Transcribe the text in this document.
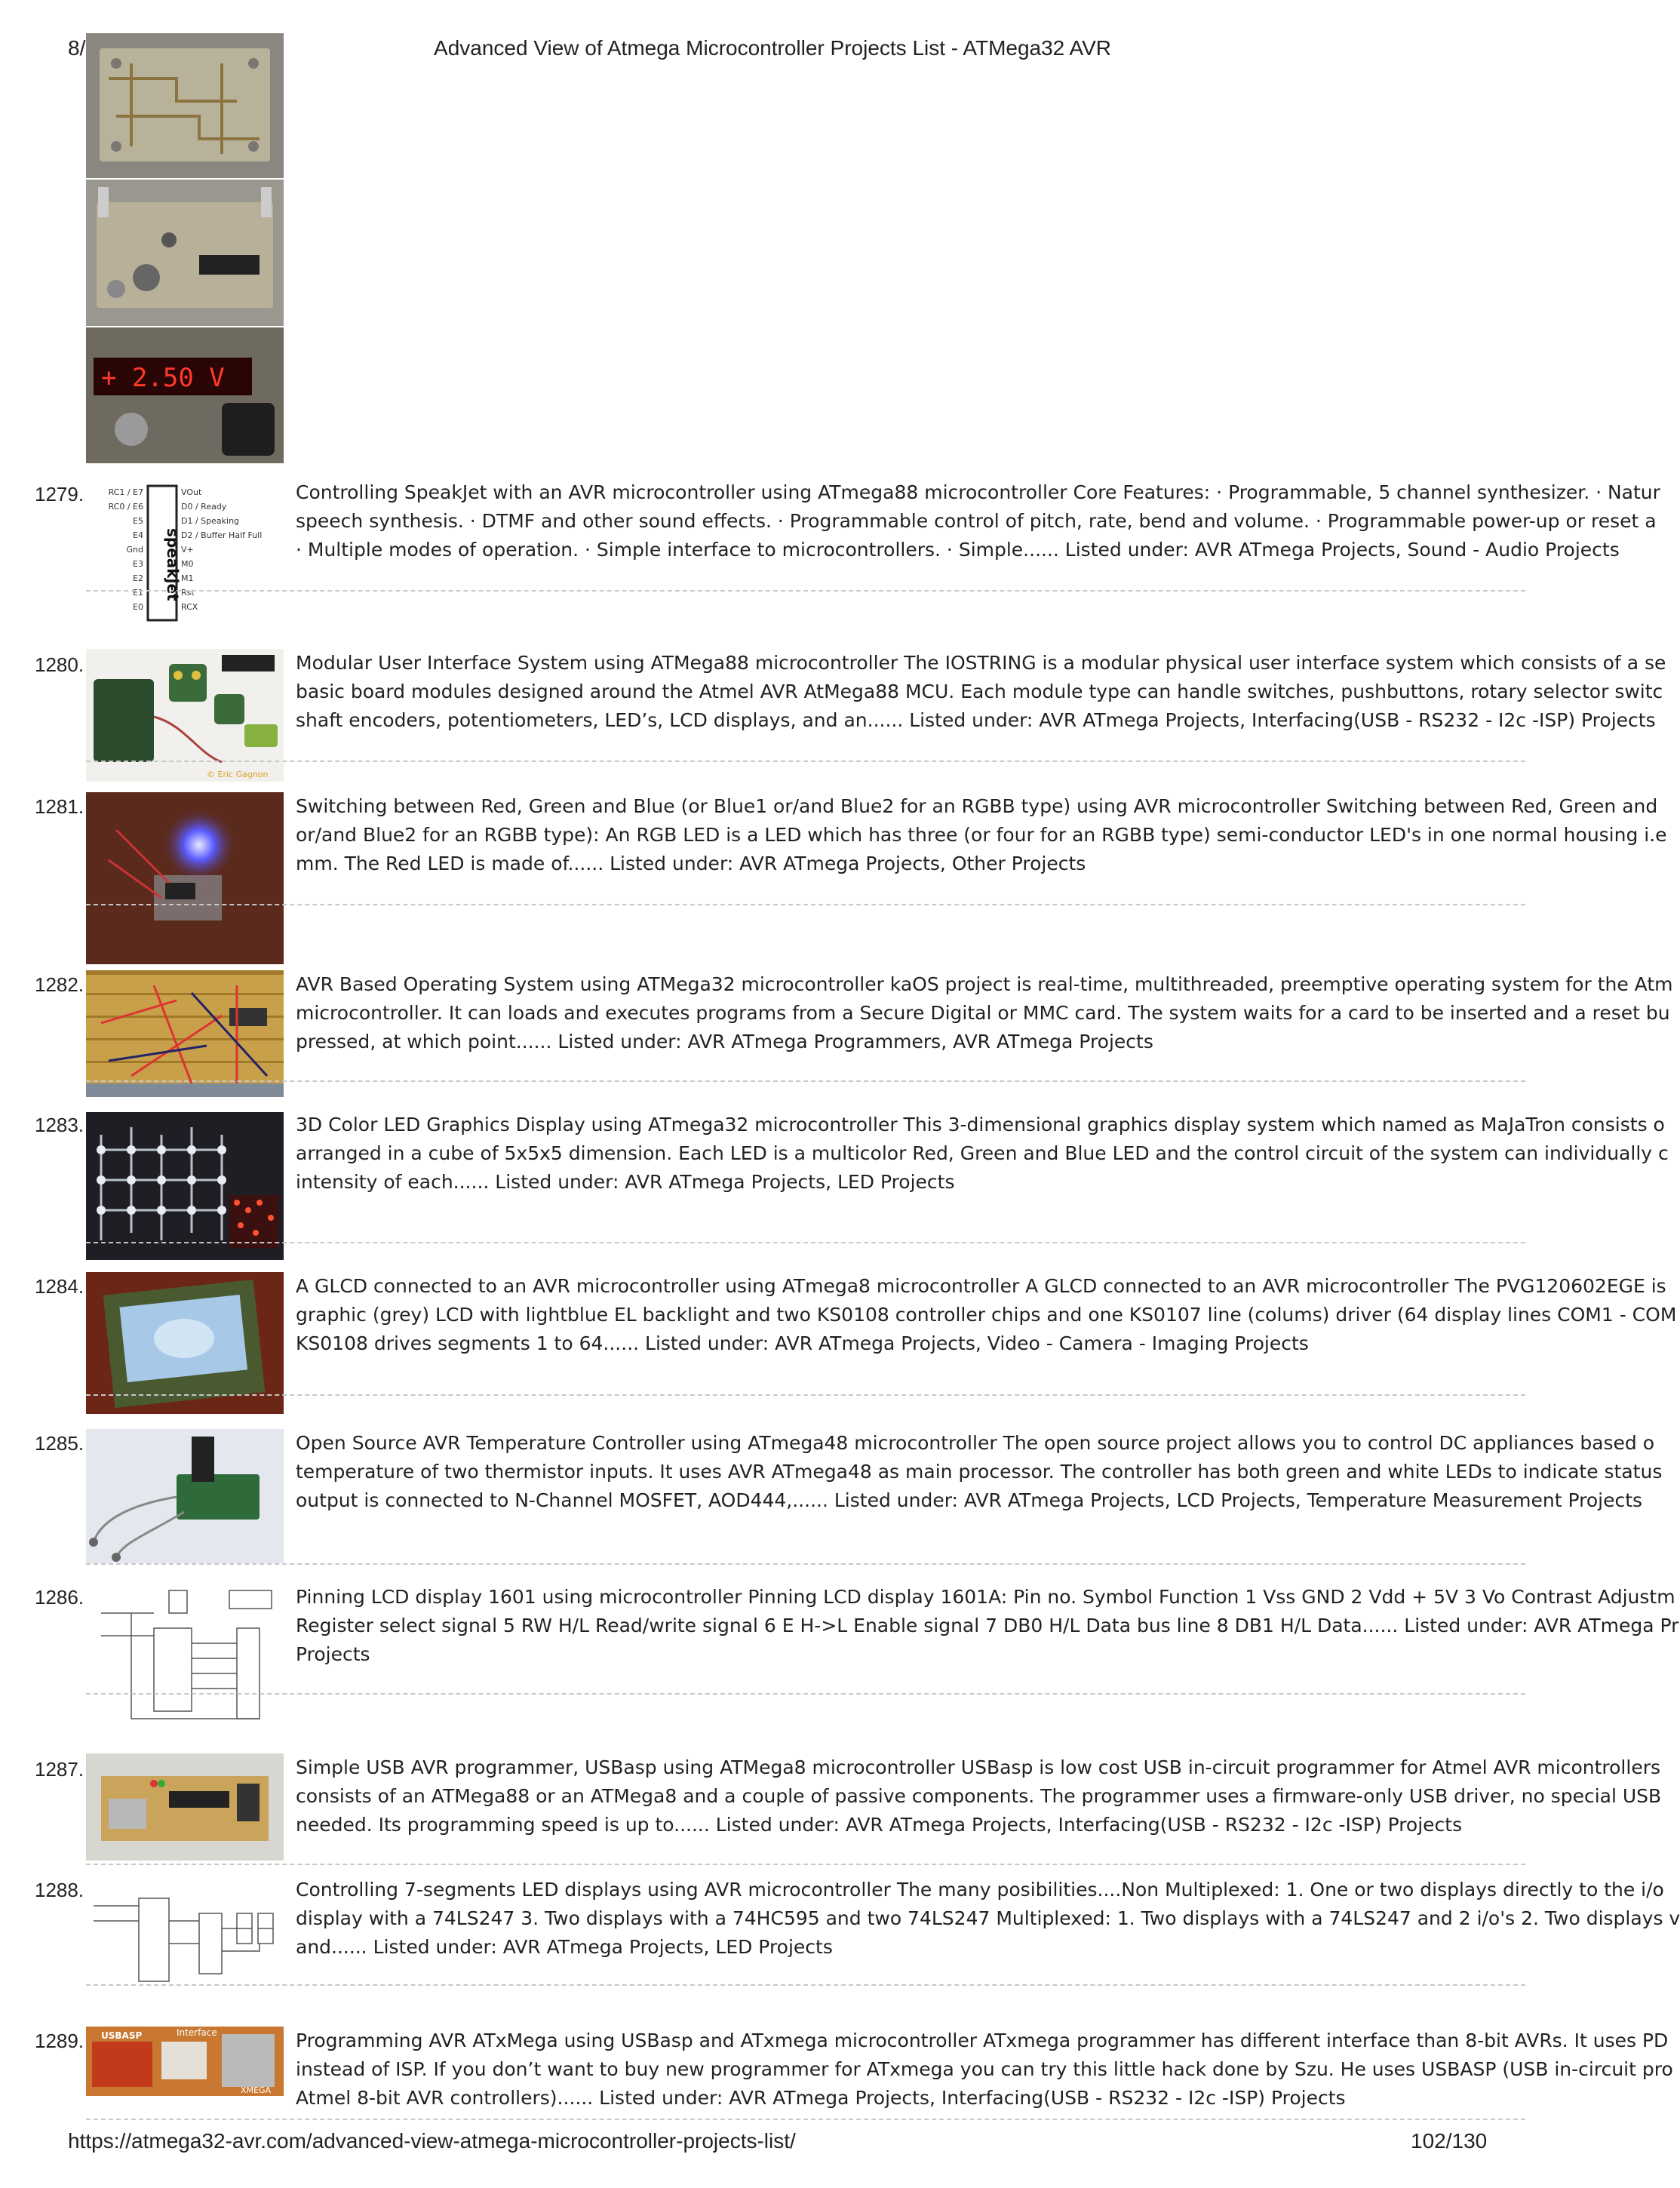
8/	Advanced View of Atmega Microcontroller Projects List - ATMega32 AVR
+ 2.50 V
1279.
speakjet
RC1 / E7
RC0 / E6
E5
E4
Gnd
E3
E2
E1
E0
VOut
D0 / Ready
D1 / Speaking
D2 / Buffer Half Full
V+
M0
M1
Rst
RCX
Controlling SpeakJet with an AVR microcontroller using ATmega88 microcontroller Core Features: · Programmable, 5 channel synthesizer. · Natur
speech synthesis. · DTMF and other sound effects. · Programmable control of pitch, rate, bend and volume. · Programmable power-up or reset a
· Multiple modes of operation. · Simple interface to microcontrollers. · Simple...... Listed under: AVR ATmega Projects, Sound - Audio Projects
1280.
© Eric Gagnon
Modular User Interface System using ATMega88 microcontroller The IOSTRING is a modular physical user interface system which consists of a se
basic board modules designed around the Atmel AVR AtMega88 MCU. Each module type can handle switches, pushbuttons, rotary selector switc
shaft encoders, potentiometers, LED’s, LCD displays, and an...... Listed under: AVR ATmega Projects, Interfacing(USB - RS232 - I2c -ISP) Projects
1281.	Switching between Red, Green and Blue (or Blue1 or/and Blue2 for an RGBB type) using AVR microcontroller Switching between Red, Green and
or/and Blue2 for an RGBB type): An RGB LED is a LED which has three (or four for an RGBB type) semi-conductor LED's in one normal housing i.e
mm. The Red LED is made of...... Listed under: AVR ATmega Projects, Other Projects
1282.	AVR Based Operating System using ATMega32 microcontroller kaOS project is real-time, multithreaded, preemptive operating system for the Atm
microcontroller. It can loads and executes programs from a Secure Digital or MMC card. The system waits for a card to be inserted and a reset bu
pressed, at which point...... Listed under: AVR ATmega Programmers, AVR ATmega Projects
1283.	3D Color LED Graphics Display using ATmega32 microcontroller This 3-dimensional graphics display system which named as MaJaTron consists o
arranged in a cube of 5x5x5 dimension. Each LED is a multicolor Red, Green and Blue LED and the control circuit of the system can individually c
intensity of each...... Listed under: AVR ATmega Projects, LED Projects
1284.	A GLCD connected to an AVR microcontroller using ATmega8 microcontroller A GLCD connected to an AVR microcontroller The PVG120602EGE is
graphic (grey) LCD with lightblue EL backlight and two KS0108 controller chips and one KS0107 line (colums) driver (64 display lines COM1 - COM
KS0108 drives segments 1 to 64...... Listed under: AVR ATmega Projects, Video - Camera - Imaging Projects
1285.	Open Source AVR Temperature Controller using ATmega48 microcontroller The open source project allows you to control DC appliances based o
temperature of two thermistor inputs. It uses AVR ATmega48 as main processor. The controller has both green and white LEDs to indicate status
output is connected to N-Channel MOSFET, AOD444,...... Listed under: AVR ATmega Projects, LCD Projects, Temperature Measurement Projects
1286.	Pinning LCD display 1601 using microcontroller Pinning LCD display 1601A: Pin no. Symbol Function 1 Vss GND 2 Vdd + 5V 3 Vo Contrast Adjustm
Register select signal 5 RW H/L Read/write signal 6 E H->L Enable signal 7 DB0 H/L Data bus line 8 DB1 H/L Data...... Listed under: AVR ATmega Pr
Projects
1287.	Simple USB AVR programmer, USBasp using ATMega8 microcontroller USBasp is low cost USB in-circuit programmer for Atmel AVR micontrollers
consists of an ATMega88 or an ATMega8 and a couple of passive components. The programmer uses a firmware-only USB driver, no special USB
needed. Its programming speed is up to...... Listed under: AVR ATmega Projects, Interfacing(USB - RS232 - I2c -ISP) Projects
1288.	Controlling 7-segments LED displays using AVR microcontroller The many posibilities....Non Multiplexed: 1. One or two displays directly to the i/o
display with a 74LS247 3. Two displays with a 74HC595 and two 74LS247 Multiplexed: 1. Two displays with a 74LS247 and 2 i/o's 2. Two displays v
and...... Listed under: AVR ATmega Projects, LED Projects
1289. USBASP	Interface
XMEGA
Programming AVR ATxMega using USBasp and ATxmega microcontroller ATxmega programmer has different interface than 8-bit AVRs. It uses PD
instead of ISP. If you don’t want to buy new programmer for ATxmega you can try this little hack done by Szu. He uses USBASP (USB in-circuit pro
Atmel 8-bit AVR controllers)...... Listed under: AVR ATmega Projects, Interfacing(USB - RS232 - I2c -ISP) Projects
https://atmega32-avr.com/advanced-view-atmega-microcontroller-projects-list/	102/130
